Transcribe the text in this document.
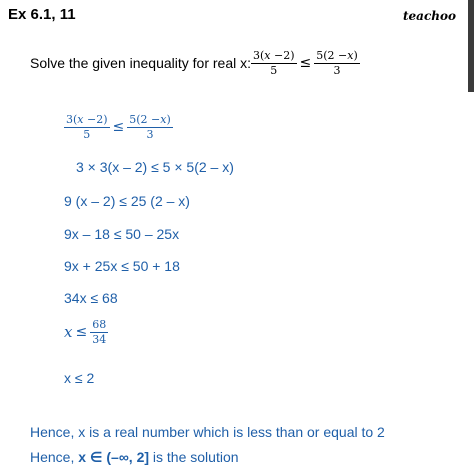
Ex 6.1, 11	teachoo
Solve the given inequality for real x: $\frac{\text{3(𝑥 −2)}}{5} \le \frac{\text{5(2 −𝑥)}}{3}$
$\frac{\text{3(𝑥 −2)}}{5} \le \frac{\text{5(2 −𝑥)}}{3}$
3 × 3(x – 2) ≤ 5 × 5(2 – x)
9 (x – 2) ≤ 25 (2 – x)
9x – 18 ≤ 50 – 25x
9x + 25x ≤ 50 + 18
34x ≤ 68
𝑥 ≤ $\frac{68}{34}$
x ≤ 2
Hence, x is a real number which is less than or equal to 2
Hence, x ∈ (–∞, 2] is the solution
